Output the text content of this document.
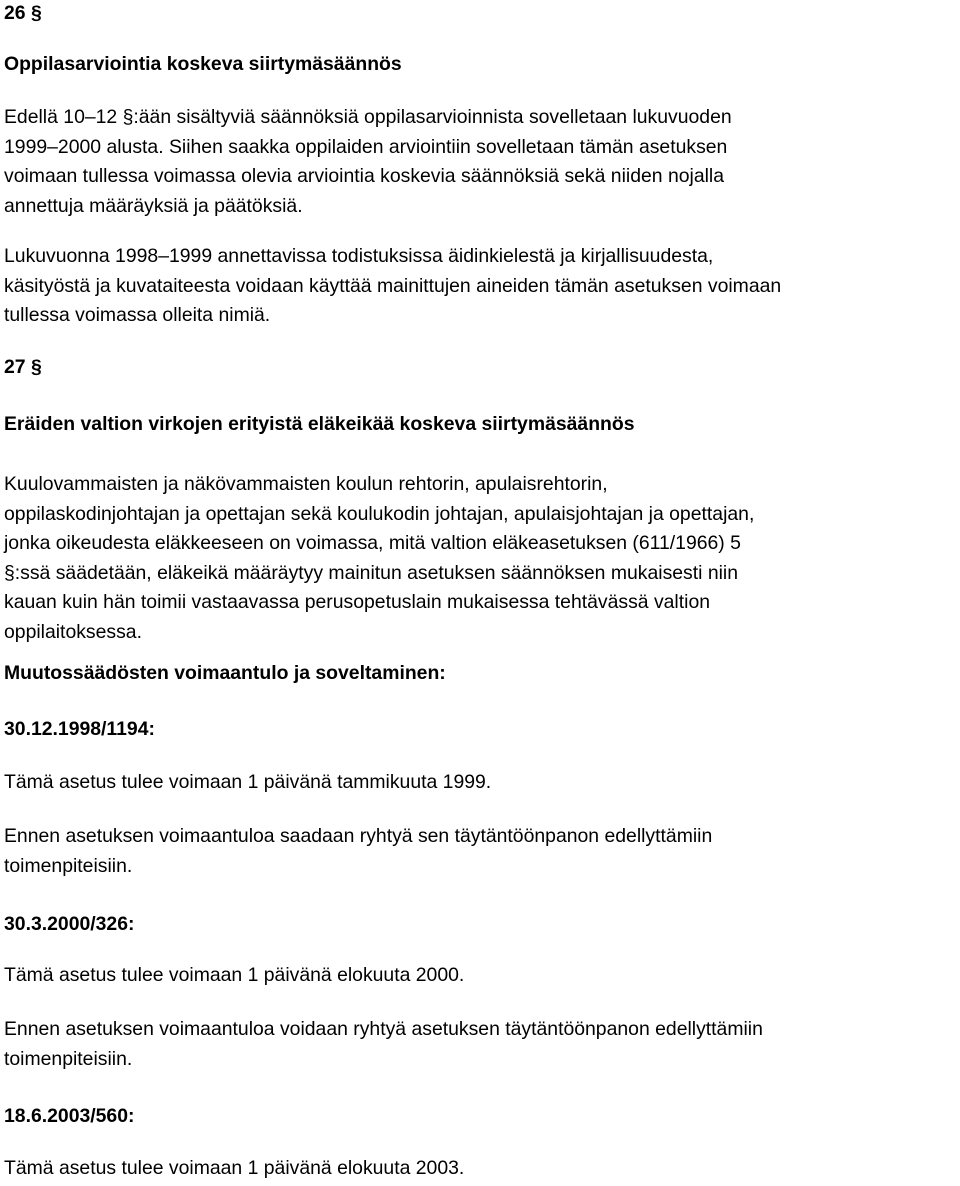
26 §
Oppilasarviointia koskeva siirtymäsäännös
Edellä 10–12 §:ään sisältyviä säännöksiä oppilasarvioinnista sovelletaan lukuvuoden
1999–2000 alusta. Siihen saakka oppilaiden arviointiin sovelletaan tämän asetuksen
voimaan tullessa voimassa olevia arviointia koskevia säännöksiä sekä niiden nojalla
annettuja määräyksiä ja päätöksiä.
Lukuvuonna 1998–1999 annettavissa todistuksissa äidinkielestä ja kirjallisuudesta,
käsityöstä ja kuvataiteesta voidaan käyttää mainittujen aineiden tämän asetuksen voimaan
tullessa voimassa olleita nimiä.
27 §
Eräiden valtion virkojen erityistä eläkeikää koskeva siirtymäsäännös
Kuulovammaisten ja näkövammaisten koulun rehtorin, apulaisrehtorin,
oppilaskodinjohtajan ja opettajan sekä koulukodin johtajan, apulaisjohtajan ja opettajan,
jonka oikeudesta eläkkeeseen on voimassa, mitä valtion eläkeasetuksen (611/1966) 5
§:ssä säädetään, eläkeikä määräytyy mainitun asetuksen säännöksen mukaisesti niin
kauan kuin hän toimii vastaavassa perusopetuslain mukaisessa tehtävässä valtion
oppilaitoksessa.
Muutossäädösten voimaantulo ja soveltaminen:
30.12.1998/1194:
Tämä asetus tulee voimaan 1 päivänä tammikuuta 1999.
Ennen asetuksen voimaantuloa saadaan ryhtyä sen täytäntöönpanon edellyttämiin
toimenpiteisiin.
30.3.2000/326:
Tämä asetus tulee voimaan 1 päivänä elokuuta 2000.
Ennen asetuksen voimaantuloa voidaan ryhtyä asetuksen täytäntöönpanon edellyttämiin
toimenpiteisiin.
18.6.2003/560:
Tämä asetus tulee voimaan 1 päivänä elokuuta 2003.
